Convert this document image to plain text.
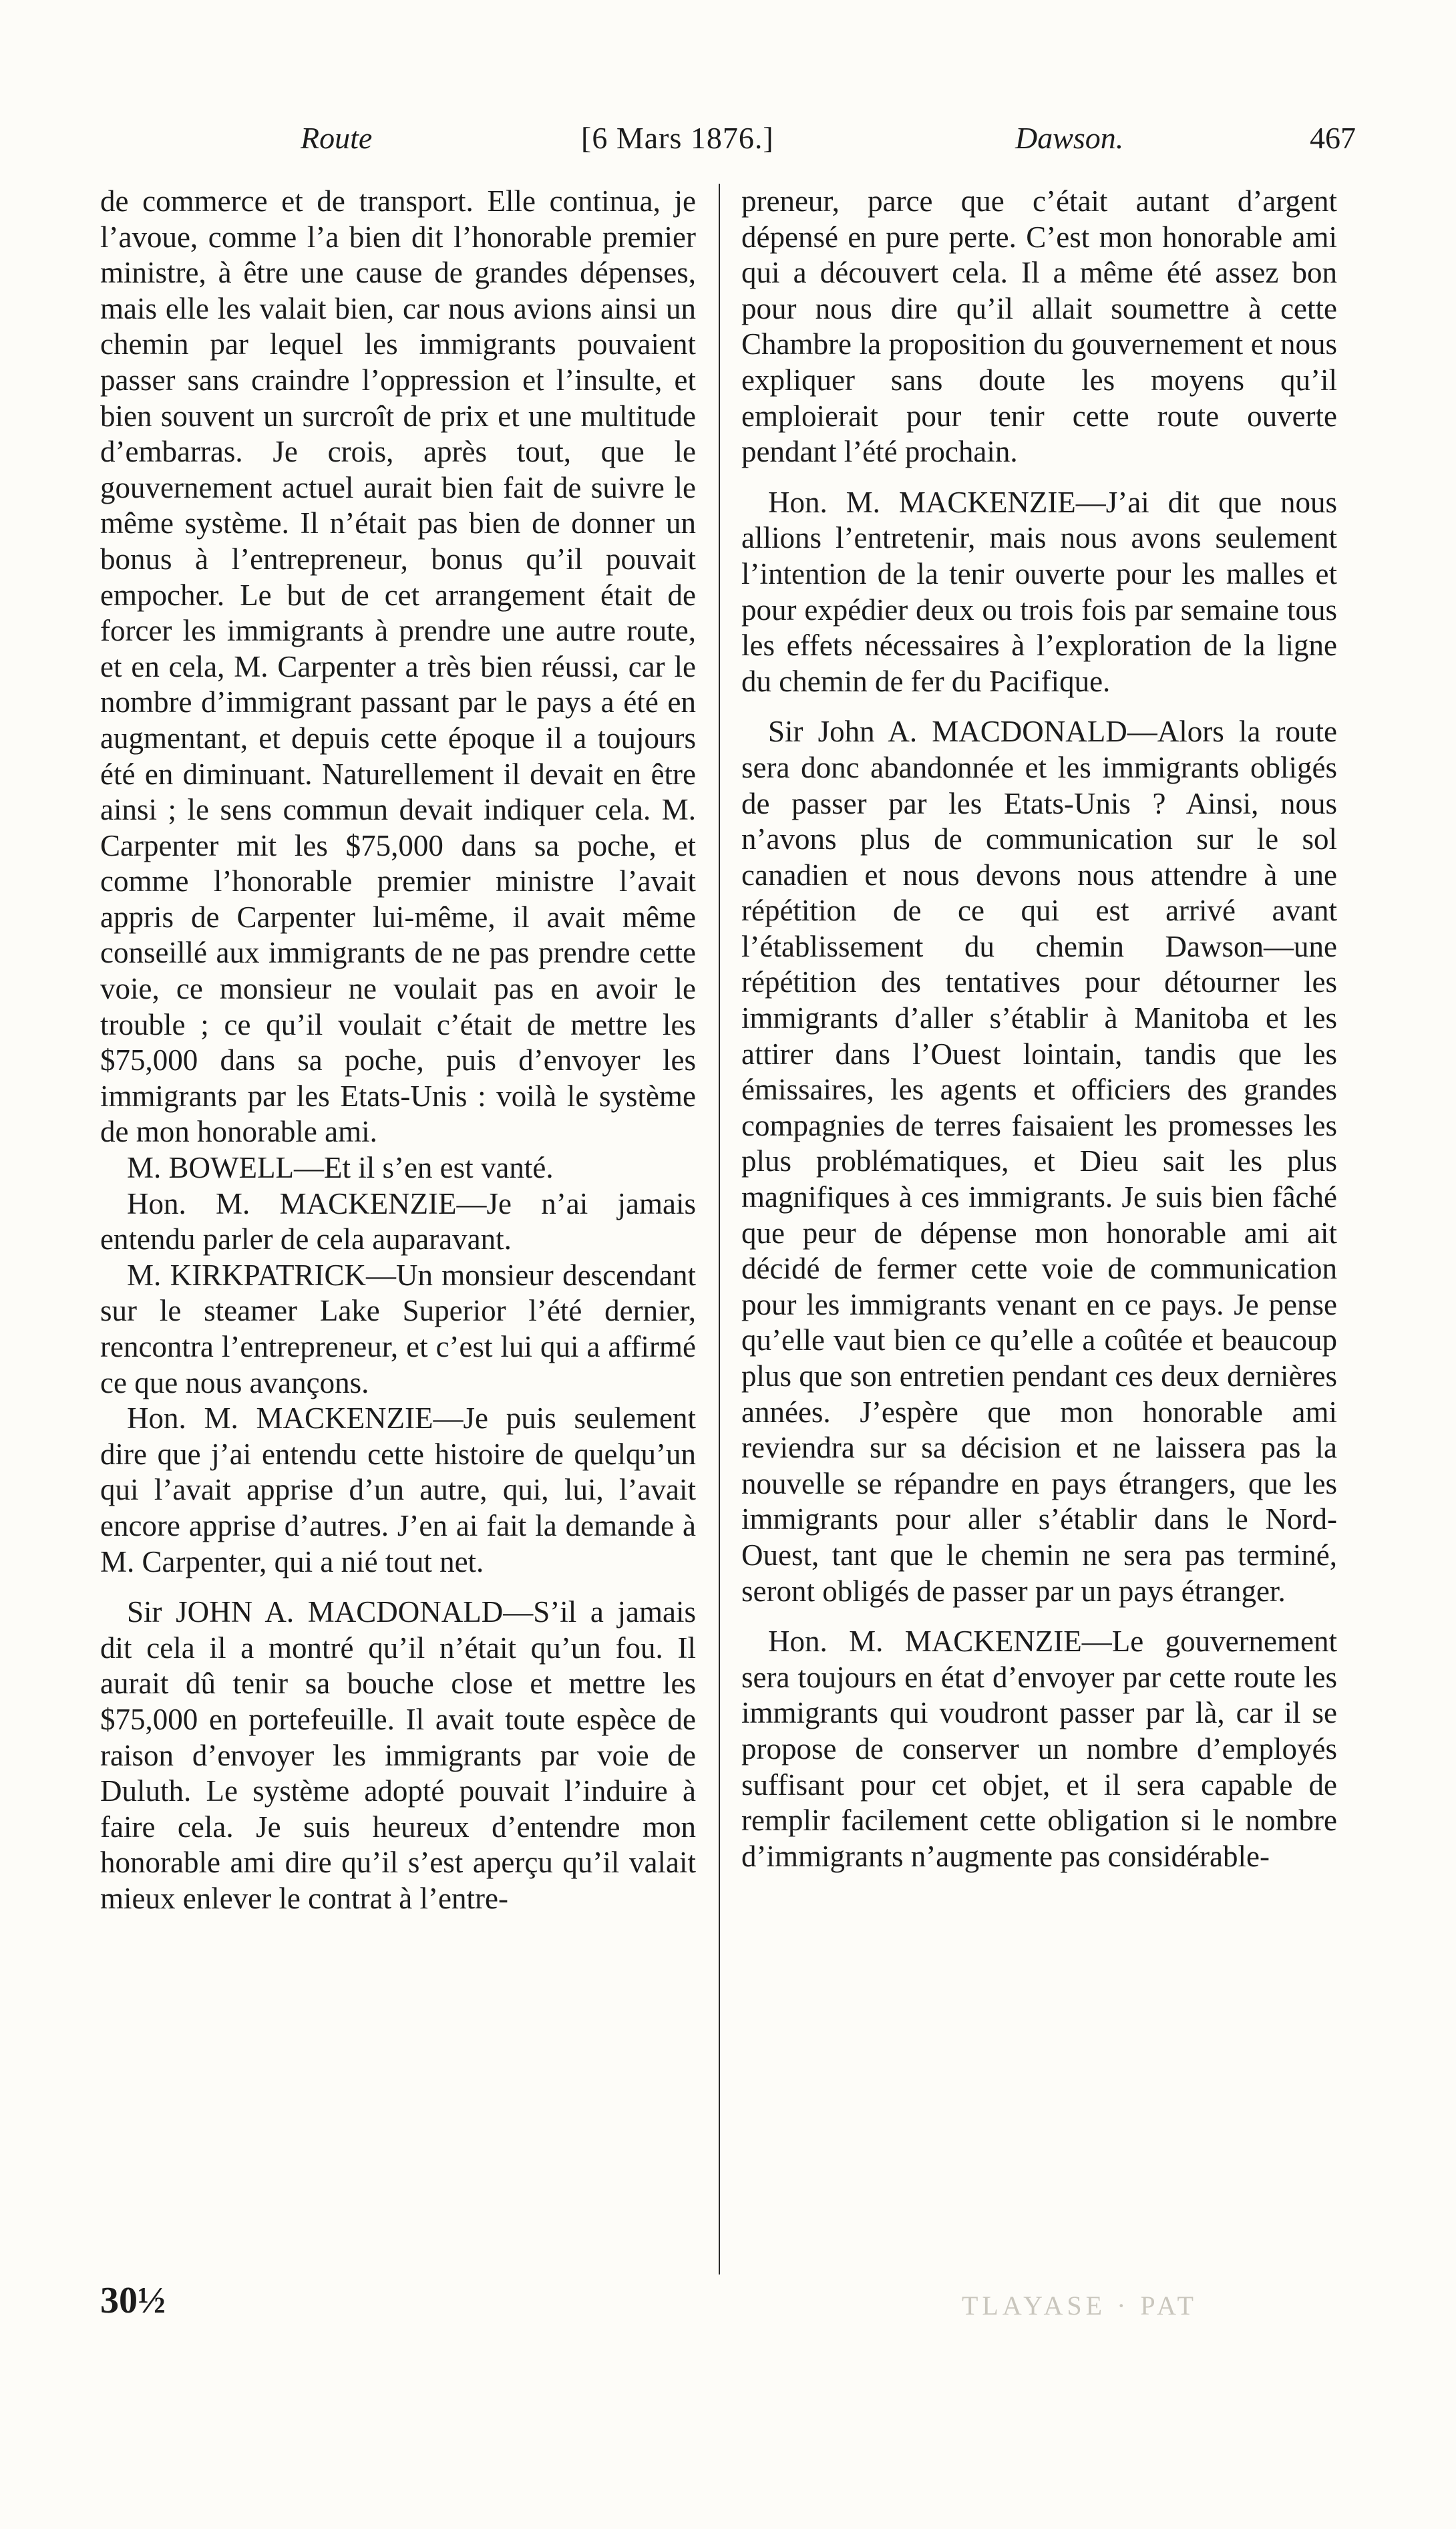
Route	[6 Mars 1876.]	Dawson.	467

de commerce et de transport. Elle continua, je l’avoue, comme l’a bien dit l’honorable premier ministre, à être une cause de grandes dépenses, mais elle les valait bien, car nous avions ainsi un chemin par lequel les immigrants pouvaient passer sans craindre l’oppression et l’insulte, et bien souvent un surcroît de prix et une multitude d’embarras. Je crois, après tout, que le gouvernement actuel aurait bien fait de suivre le même système. Il n’était pas bien de donner un bonus à l’entrepreneur, bonus qu’il pouvait empocher. Le but de cet arrangement était de forcer les immigrants à prendre une autre route, et en cela, M. Carpenter a très bien réussi, car le nombre d’immigrant passant par le pays a été en augmentant, et depuis cette époque il a toujours été en diminuant. Naturellement il devait en être ainsi ; le sens commun devait indiquer cela. M. Carpenter mit les $75,000 dans sa poche, et comme l’honorable premier ministre l’avait appris de Carpenter lui-même, il avait même conseillé aux immigrants de ne pas prendre cette voie, ce monsieur ne voulait pas en avoir le trouble ; ce qu’il voulait c’était de mettre les $75,000 dans sa poche, puis d’envoyer les immigrants par les Etats-Unis : voilà le système de mon honorable ami.

M. BOWELL—Et il s’en est vanté.

Hon. M. MACKENZIE—Je n’ai jamais entendu parler de cela auparavant.

M. KIRKPATRICK—Un monsieur descendant sur le steamer Lake Superior l’été dernier, rencontra l’entrepreneur, et c’est lui qui a affirmé ce que nous avançons.

Hon. M. MACKENZIE—Je puis seulement dire que j’ai entendu cette histoire de quelqu’un qui l’avait apprise d’un autre, qui, lui, l’avait encore apprise d’autres. J’en ai fait la demande à M. Carpenter, qui a nié tout net.

Sir JOHN A. MACDONALD—S’il a jamais dit cela il a montré qu’il n’était qu’un fou. Il aurait dû tenir sa bouche close et mettre les $75,000 en portefeuille. Il avait toute espèce de raison d’envoyer les immigrants par voie de Duluth. Le système adopté pouvait l’induire à faire cela. Je suis heureux d’entendre mon honorable ami dire qu’il s’est aperçu qu’il valait mieux enlever le contrat à l’entre-

preneur, parce que c’était autant d’argent dépensé en pure perte. C’est mon honorable ami qui a découvert cela. Il a même été assez bon pour nous dire qu’il allait soumettre à cette Chambre la proposition du gouvernement et nous expliquer sans doute les moyens qu’il emploierait pour tenir cette route ouverte pendant l’été prochain.

Hon. M. MACKENZIE—J’ai dit que nous allions l’entretenir, mais nous avons seulement l’intention de la tenir ouverte pour les malles et pour expédier deux ou trois fois par semaine tous les effets nécessaires à l’exploration de la ligne du chemin de fer du Pacifique.

Sir John A. MACDONALD—Alors la route sera donc abandonnée et les immigrants obligés de passer par les Etats-Unis ? Ainsi, nous n’avons plus de communication sur le sol canadien et nous devons nous attendre à une répétition de ce qui est arrivé avant l’établissement du chemin Dawson—une répétition des tentatives pour détourner les immigrants d’aller s’établir à Manitoba et les attirer dans l’Ouest lointain, tandis que les émissaires, les agents et officiers des grandes compagnies de terres faisaient les promesses les plus problématiques, et Dieu sait les plus magnifiques à ces immigrants. Je suis bien fâché que peur de dépense mon honorable ami ait décidé de fermer cette voie de communication pour les immigrants venant en ce pays. Je pense qu’elle vaut bien ce qu’elle a coûtée et beaucoup plus que son entretien pendant ces deux dernières années. J’espère que mon honorable ami reviendra sur sa décision et ne laissera pas la nouvelle se répandre en pays étrangers, que les immigrants pour aller s’établir dans le Nord-Ouest, tant que le chemin ne sera pas terminé, seront obligés de passer par un pays étranger.

Hon. M. MACKENZIE—Le gouvernement sera toujours en état d’envoyer par cette route les immigrants qui voudront passer par là, car il se propose de conserver un nombre d’employés suffisant pour cet objet, et il sera capable de remplir facilement cette obligation si le nombre d’immigrants n’augmente pas considérable-

30½	TLAYASE · PAT
